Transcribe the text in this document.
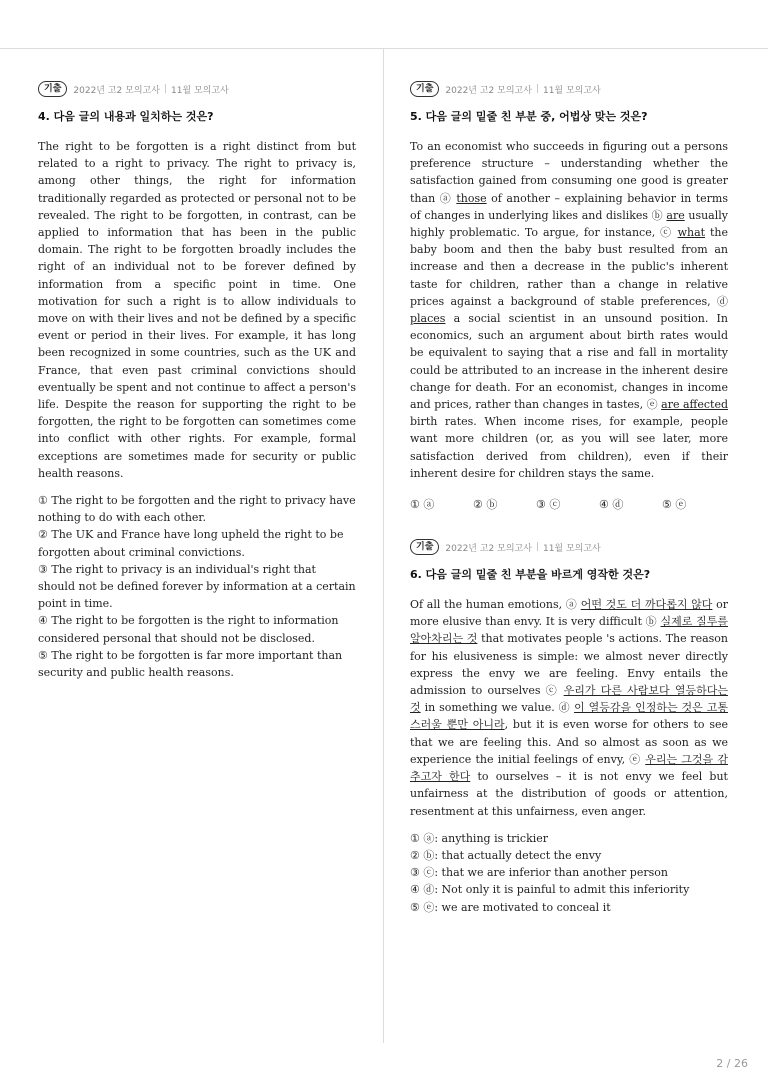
기출	2022년 고2 모의고사 | 11월 모의고사
4. 다음 글의 내용과 일치하는 것은?

The right to be forgotten is a right distinct from but related to a right to privacy. The right to privacy is, among other things, the right for information traditionally regarded as protected or personal not to be revealed. The right to be forgotten, in contrast, can be applied to information that has been in the public domain. The right to be forgotten broadly includes the right of an individual not to be forever defined by information from a specific point in time. One motivation for such a right is to allow individuals to move on with their lives and not be defined by a specific event or period in their lives. For example, it has long been recognized in some countries, such as the UK and France, that even past criminal convictions should eventually be spent and not continue to affect a person's life. Despite the reason for supporting the right to be forgotten, the right to be forgotten can sometimes come into conflict with other rights. For example, formal exceptions are sometimes made for security or public health reasons.

① The right to be forgotten and the right to privacy have nothing to do with each other.
② The UK and France have long upheld the right to be forgotten about criminal convictions.
③ The right to privacy is an individual's right that should not be defined forever by information at a certain point in time.
④ The right to be forgotten is the right to information considered personal that should not be disclosed.
⑤ The right to be forgotten is far more important than security and public health reasons.
기출	2022년 고2 모의고사 | 11월 모의고사
5. 다음 글의 밑줄 친 부분 중, 어법상 맞는 것은?

To an economist who succeeds in figuring out a persons preference structure – understanding whether the satisfaction gained from consuming one good is greater than ⓐ those of another – explaining behavior in terms of changes in underlying likes and dislikes ⓑ are usually highly problematic. To argue, for instance, ⓒ what the baby boom and then the baby bust resulted from an increase and then a decrease in the public's inherent taste for children, rather than a change in relative prices against a background of stable preferences, ⓓ places a social scientist in an unsound position. In economics, such an argument about birth rates would be equivalent to saying that a rise and fall in mortality could be attributed to an increase in the inherent desire change for death. For an economist, changes in income and prices, rather than changes in tastes, ⓔ are affected birth rates. When income rises, for example, people want more children (or, as you will see later, more satisfaction derived from children), even if their inherent desire for children stays the same.

① ⓐ	② ⓑ	③ ⓒ	④ ⓓ	⑤ ⓔ
기출	2022년 고2 모의고사 | 11월 모의고사
6. 다음 글의 밑줄 친 부분을 바르게 영작한 것은?

Of all the human emotions, ⓐ 어떤 것도 더 까다롭지 않다 or more elusive than envy. It is very difficult ⓑ 실제로 질투를 알아차리는 것 that motivates people 's actions. The reason for his elusiveness is simple: we almost never directly express the envy we are feeling. Envy entails the admission to ourselves ⓒ 우리가 다른 사람보다 열등하다는 것 in something we value. ⓓ 이 열등감을 인정하는 것은 고통스러울 뿐만 아니라, but it is even worse for others to see that we are feeling this. And so almost as soon as we experience the initial feelings of envy, ⓔ 우리는 그것을 감추고자 한다 to ourselves – it is not envy we feel but unfairness at the distribution of goods or attention, resentment at this unfairness, even anger.

① ⓐ: anything is trickier
② ⓑ: that actually detect the envy
③ ⓒ: that we are inferior than another person
④ ⓓ: Not only it is painful to admit this inferiority
⑤ ⓔ: we are motivated to conceal it
2 / 26
